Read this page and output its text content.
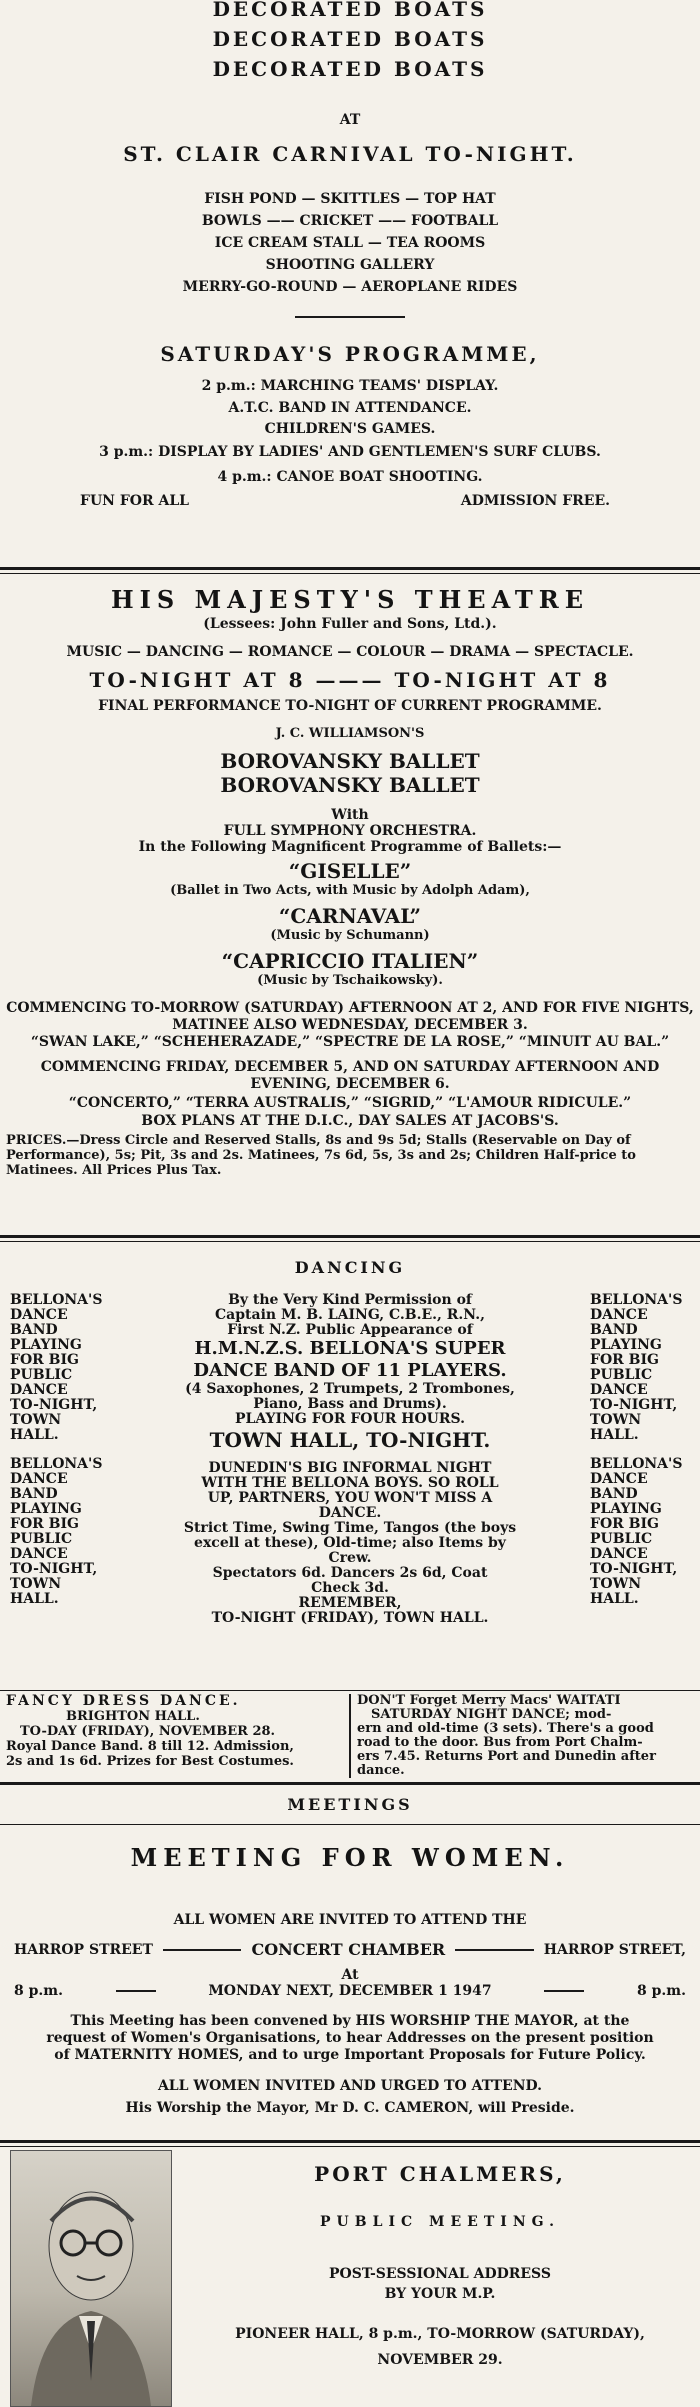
DECORATED BOATS
DECORATED BOATS
DECORATED BOATS
AT
ST. CLAIR CARNIVAL TO-NIGHT.
FISH POND — SKITTLES — TOP HAT
BOWLS —— CRICKET —— FOOTBALL
ICE CREAM STALL — TEA ROOMS
SHOOTING GALLERY
MERRY-GO-ROUND — AEROPLANE RIDES
SATURDAY'S PROGRAMME,
2 p.m.: MARCHING TEAMS' DISPLAY.
A.T.C. BAND IN ATTENDANCE.
CHILDREN'S GAMES.
3 p.m.: DISPLAY BY LADIES' AND GENTLEMEN'S SURF CLUBS.
4 p.m.: CANOE BOAT SHOOTING.
FUN FOR ALL	ADMISSION FREE.
HIS MAJESTY'S THEATRE
(Lessees: John Fuller and Sons, Ltd.).
MUSIC — DANCING — ROMANCE — COLOUR — DRAMA — SPECTACLE.
TO-NIGHT AT 8 ——— TO-NIGHT AT 8
FINAL PERFORMANCE TO-NIGHT OF CURRENT PROGRAMME.
J. C. WILLIAMSON'S
BOROVANSKY BALLET
BOROVANSKY BALLET
With
FULL SYMPHONY ORCHESTRA.
In the Following Magnificent Programme of Ballets:—
“GISELLE”
(Ballet in Two Acts, with Music by Adolph Adam),
“CARNAVAL”
(Music by Schumann)
“CAPRICCIO ITALIEN”
(Music by Tschaikowsky).
COMMENCING TO-MORROW (SATURDAY) AFTERNOON AT 2, AND FOR FIVE NIGHTS, MATINEE ALSO WEDNESDAY, DECEMBER 3.
“SWAN LAKE,” “SCHEHERAZADE,” “SPECTRE DE LA ROSE,” “MINUIT AU BAL.”
COMMENCING FRIDAY, DECEMBER 5, AND ON SATURDAY AFTERNOON AND EVENING, DECEMBER 6.
“CONCERTO,” “TERRA AUSTRALIS,” “SIGRID,” “L'AMOUR RIDICULE.”
BOX PLANS AT THE D.I.C., DAY SALES AT JACOBS'S.
PRICES.—Dress Circle and Reserved Stalls, 8s and 9s 5d; Stalls (Reservable on Day of Performance), 5s; Pit, 3s and 2s. Matinees, 7s 6d, 5s, 3s and 2s; Children Half-price to Matinees. All Prices Plus Tax.
DANCING
BELLONA'S
DANCE
BAND
PLAYING
FOR BIG
PUBLIC
DANCE
TO-NIGHT,
TOWN
HALL.
BELLONA'S
DANCE
BAND
PLAYING
FOR BIG
PUBLIC
DANCE
TO-NIGHT,
TOWN
HALL.
By the Very Kind Permission of
Captain M. B. LAING, C.B.E., R.N.,
First N.Z. Public Appearance of
H.M.N.Z.S. BELLONA'S SUPER
DANCE BAND OF 11 PLAYERS.
(4 Saxophones, 2 Trumpets, 2 Trombones,
Piano, Bass and Drums).
PLAYING FOR FOUR HOURS.
TOWN HALL, TO-NIGHT.
DUNEDIN'S BIG INFORMAL NIGHT
WITH THE BELLONA BOYS. SO ROLL
UP, PARTNERS, YOU WON'T MISS A
DANCE.
Strict Time, Swing Time, Tangos (the boys
excell at these), Old-time; also Items by
Crew.
Spectators 6d. Dancers 2s 6d, Coat
Check 3d.
REMEMBER,
TO-NIGHT (FRIDAY), TOWN HALL.
BELLONA'S
DANCE
BAND
PLAYING
FOR BIG
PUBLIC
DANCE
TO-NIGHT,
TOWN
HALL.
BELLONA'S
DANCE
BAND
PLAYING
FOR BIG
PUBLIC
DANCE
TO-NIGHT,
TOWN
HALL.
FANCY DRESS DANCE.
BRIGHTON HALL.
TO-DAY (FRIDAY), NOVEMBER 28.
Royal Dance Band. 8 till 12. Admission,
2s and 1s 6d. Prizes for Best Costumes.
DON'T Forget Merry Macs' WAITATI
SATURDAY NIGHT DANCE; mod-
ern and old-time (3 sets). There's a good
road to the door. Bus from Port Chalm-
ers 7.45. Returns Port and Dunedin after
dance.
MEETINGS
MEETING FOR WOMEN.
ALL WOMEN ARE INVITED TO ATTEND THE
HARROP STREET	CONCERT CHAMBER	HARROP STREET,
At
8 p.m.	MONDAY NEXT, DECEMBER 1 1947	8 p.m.
This Meeting has been convened by HIS WORSHIP THE MAYOR, at the request of Women's Organisations, to hear Addresses on the present position of MATERNITY HOMES, and to urge Important Proposals for Future Policy.
ALL WOMEN INVITED AND URGED TO ATTEND.
His Worship the Mayor, Mr D. C. CAMERON, will Preside.
PORT CHALMERS,
PUBLIC MEETING.
POST-SESSIONAL ADDRESS
BY YOUR M.P.
PIONEER HALL, 8 p.m., TO-MORROW (SATURDAY),
NOVEMBER 29.
